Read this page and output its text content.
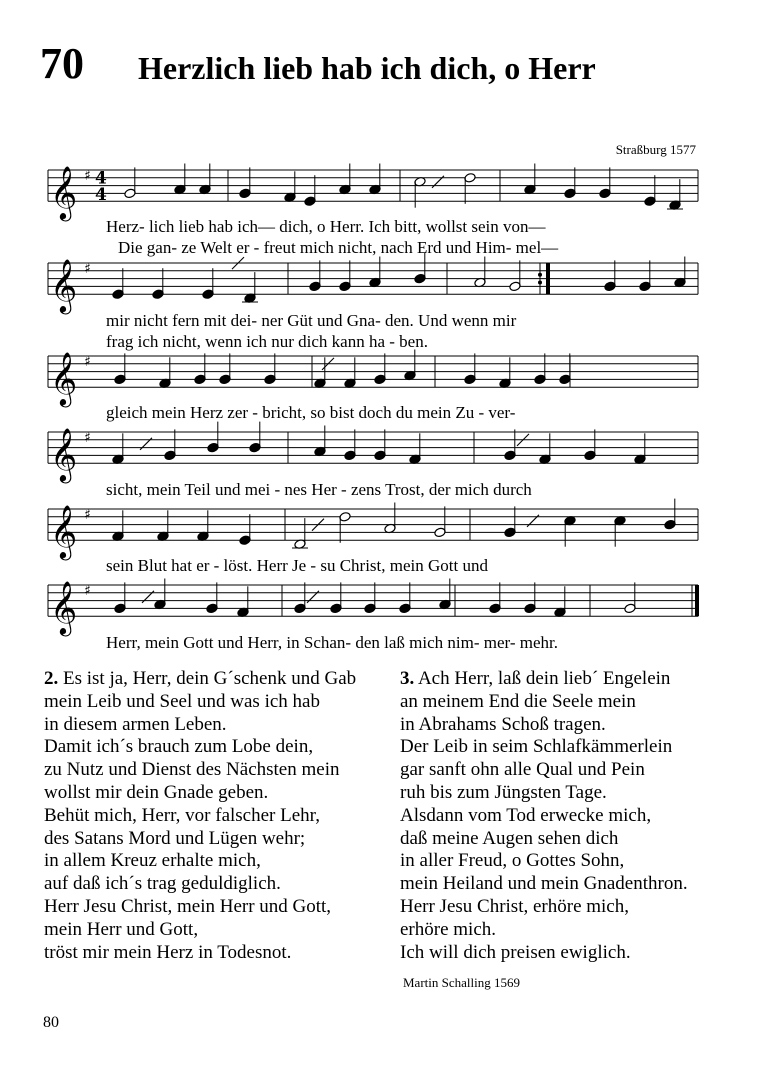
70 Herzlich lieb hab ich dich, o Herr
Straßburg 1577
𝄞 ♯ 4
4
𝄞 ♯
𝄞 ♯
𝄞 ♯
𝄞 ♯
𝄞 ♯
Herz- lich lieb hab ich— dich, o Herr. Ich bitt, wollst sein von—
Die gan- ze Welt er - freut mich nicht, nach Erd und Him- mel—
mir nicht fern mit dei- ner Güt und Gna- den. Und wenn mir
frag ich nicht, wenn ich nur dich kann ha - ben.
gleich mein Herz zer - bricht, so bist doch du mein Zu - ver-
sicht, mein Teil und mei - nes Her - zens Trost, der mich durch
sein Blut hat er - löst. Herr Je - su Christ, mein Gott und
Herr, mein Gott und Herr, in Schan- den laß mich nim- mer- mehr.
2. Es ist ja, Herr, dein G´schenk und Gab
mein Leib und Seel und was ich hab
in diesem armen Leben.
Damit ich´s brauch zum Lobe dein,
zu Nutz und Dienst des Nächsten mein
wollst mir dein Gnade geben.
Behüt mich, Herr, vor falscher Lehr,
des Satans Mord und Lügen wehr;
in allem Kreuz erhalte mich,
auf daß ich´s trag geduldiglich.
Herr Jesu Christ, mein Herr und Gott,
mein Herr und Gott,
tröst mir mein Herz in Todesnot.
3. Ach Herr, laß dein lieb´ Engelein
an meinem End die Seele mein
in Abrahams Schoß tragen.
Der Leib in seim Schlafkämmerlein
gar sanft ohn alle Qual und Pein
ruh bis zum Jüngsten Tage.
Alsdann vom Tod erwecke mich,
daß meine Augen sehen dich
in aller Freud, o Gottes Sohn,
mein Heiland und mein Gnadenthron.
Herr Jesu Christ, erhöre mich,
erhöre mich.
Ich will dich preisen ewiglich.
Martin Schalling 1569
80
